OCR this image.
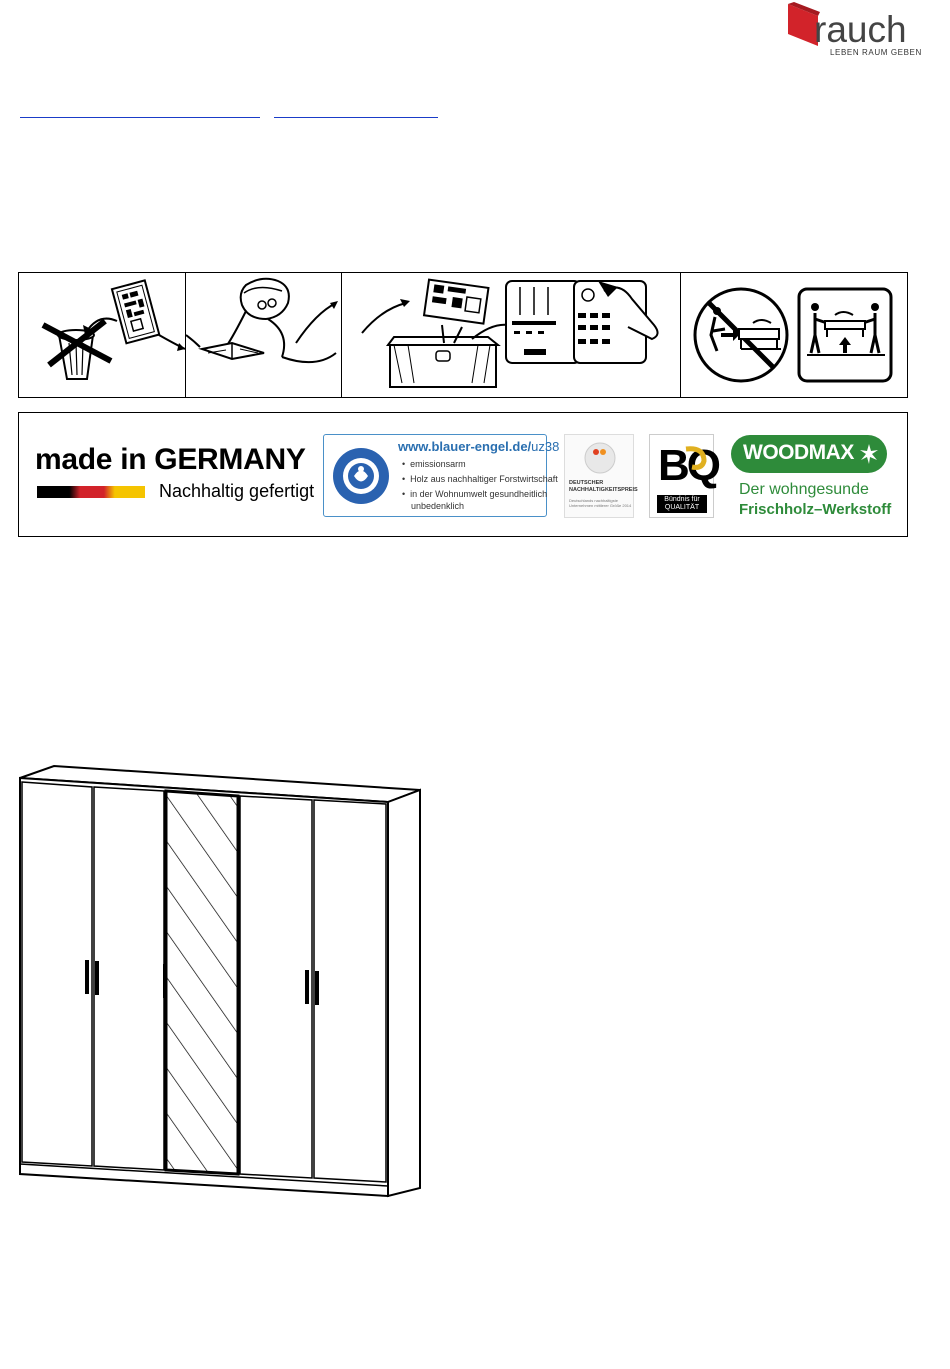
rauch
LEBEN RAUM GEBEN
made in GERMANY
Nachhaltig gefertigt
www.blauer-engel.de/uz38
•  emissionsarm
•  Holz aus nachhaltiger Forstwirtschaft
•  in der Wohnumwelt gesundheitlich
unbedenklich
DEUTSCHER
NACHHALTIGKEITSPREIS
Deutschlands nachhaltigste
Unternehmen mittlerer Größe 2014
BQ
Bündnis für
QUALITÄT
WOODMAX
Der wohngesunde
Frischholz–Werkstoff
